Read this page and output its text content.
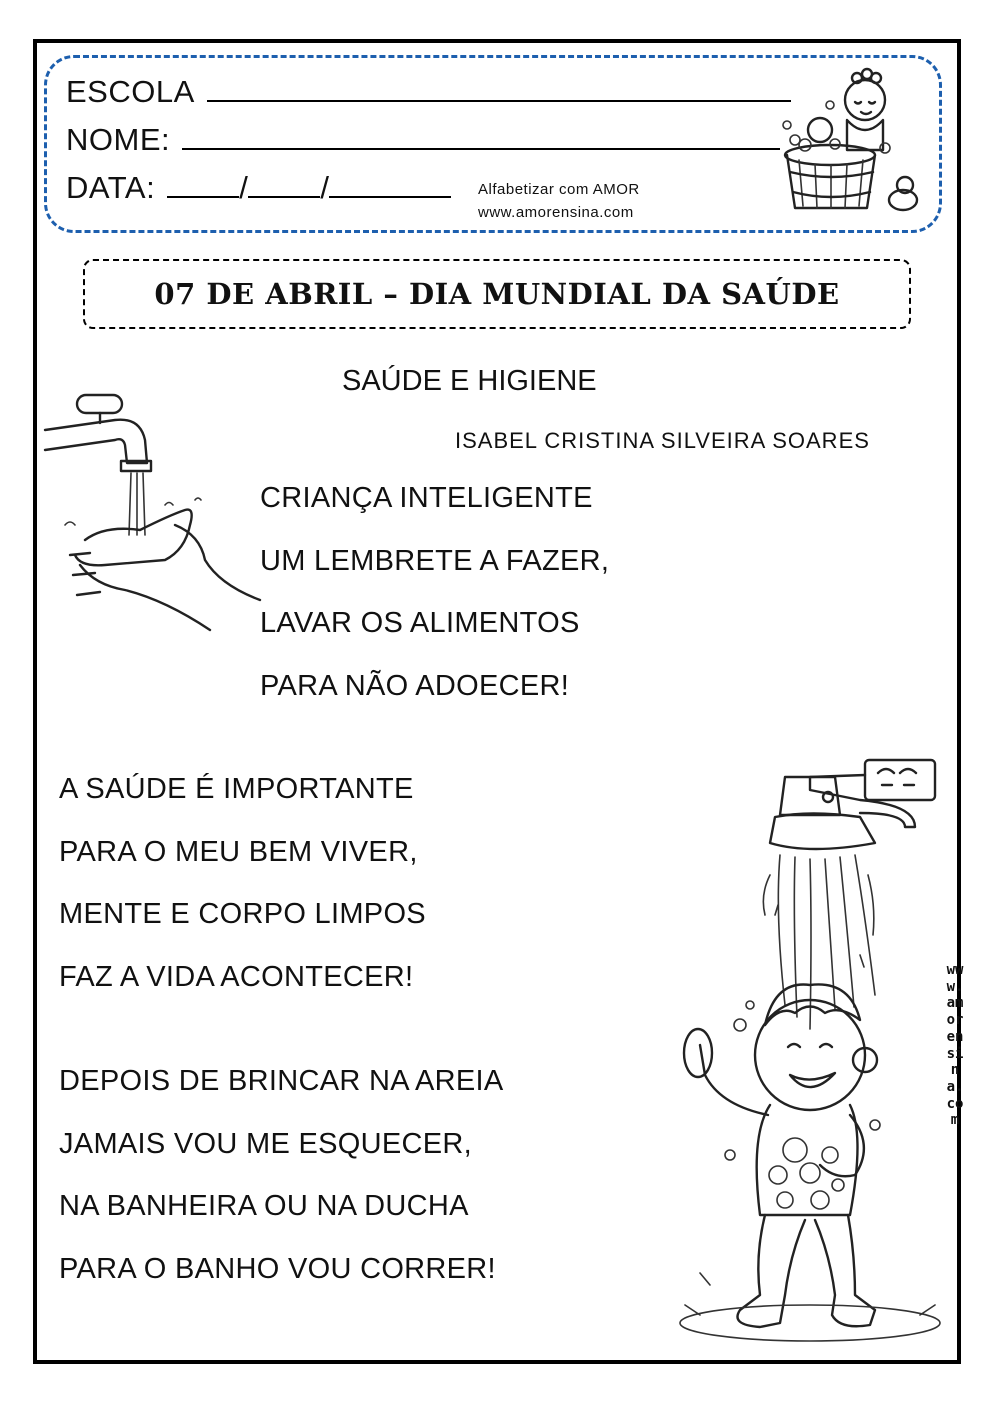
ESCOLA
NOME:
DATA:	/ /	Alfabetizar com AMOR
www.amorensina.com
07 DE ABRIL – DIA MUNDIAL DA SAÚDE
SAÚDE E HIGIENE
ISABEL CRISTINA SILVEIRA SOARES
CRIANÇA INTELIGENTE
UM LEMBRETE A FAZER,
LAVAR OS ALIMENTOS
PARA NÃO ADOECER!
A SAÚDE É IMPORTANTE
PARA O MEU BEM VIVER,
MENTE E CORPO LIMPOS
FAZ A VIDA ACONTECER!
DEPOIS DE BRINCAR NA AREIA
JAMAIS VOU ME ESQUECER,
NA BANHEIRA OU NA DUCHA
PARA O BANHO VOU CORRER!
www.amorensina.com
